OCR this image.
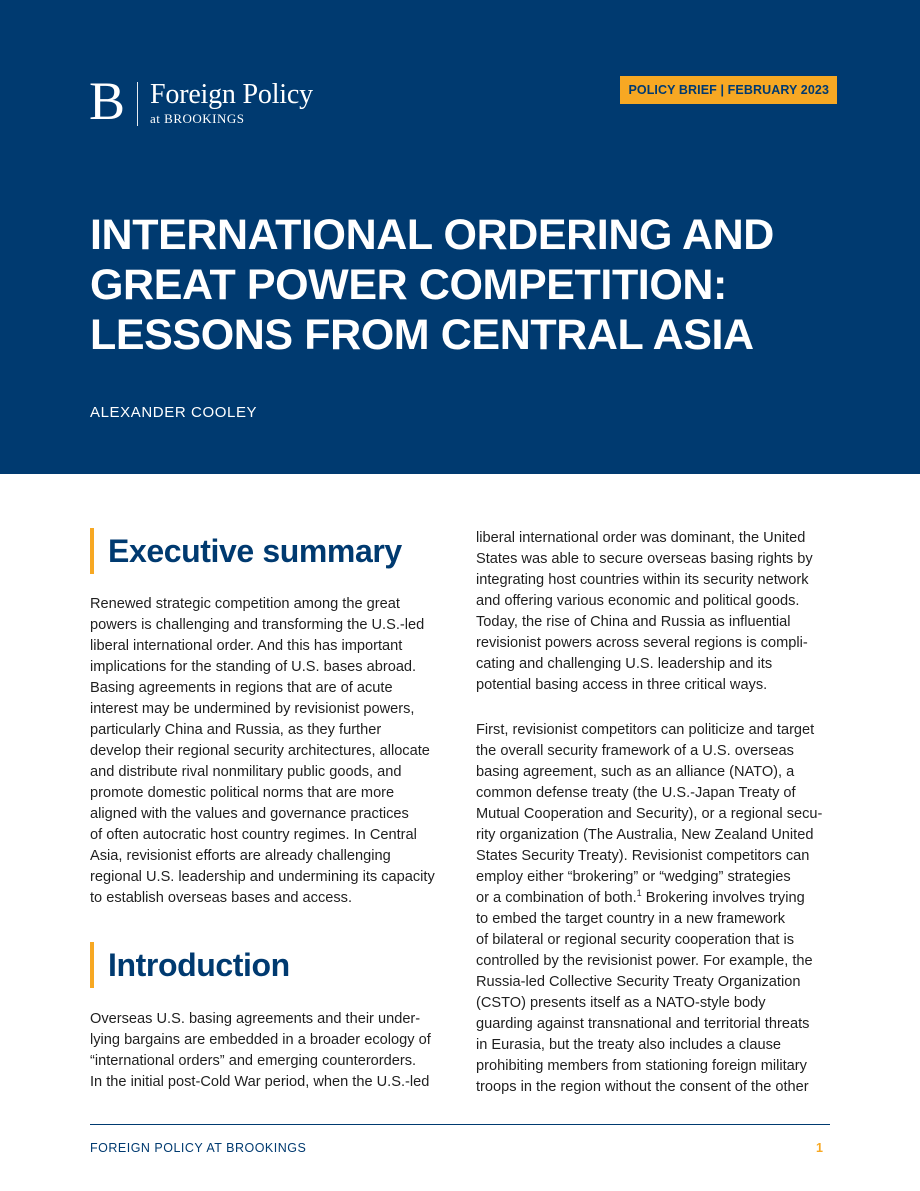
B Foreign Policy
at BROOKINGS
POLICY BRIEF | FEBRUARY 2023
INTERNATIONAL ORDERING AND
GREAT POWER COMPETITION:
LESSONS FROM CENTRAL ASIA
ALEXANDER COOLEY
Executive summary

Renewed strategic competition among the great
powers is challenging and transforming the U.S.-led
liberal international order. And this has important
implications for the standing of U.S. bases abroad.
Basing agreements in regions that are of acute
interest may be undermined by revisionist powers,
particularly China and Russia, as they further
develop their regional security architectures, allocate
and distribute rival nonmilitary public goods, and
promote domestic political norms that are more
aligned with the values and governance practices
of often autocratic host country regimes. In Central
Asia, revisionist efforts are already challenging
regional U.S. leadership and undermining its capacity
to establish overseas bases and access.

Introduction

Overseas U.S. basing agreements and their under-
lying bargains are embedded in a broader ecology of
“international orders” and emerging counterorders.
In the initial post-Cold War period, when the U.S.-led

liberal international order was dominant, the United
States was able to secure overseas basing rights by
integrating host countries within its security network
and offering various economic and political goods.
Today, the rise of China and Russia as influential
revisionist powers across several regions is compli-
cating and challenging U.S. leadership and its
potential basing access in three critical ways.

First, revisionist competitors can politicize and target
the overall security framework of a U.S. overseas
basing agreement, such as an alliance (NATO), a
common defense treaty (the U.S.-Japan Treaty of
Mutual Cooperation and Security), or a regional secu-
rity organization (The Australia, New Zealand United
States Security Treaty). Revisionist competitors can
employ either “brokering” or “wedging” strategies
or a combination of both.$^1$ Brokering involves trying
to embed the target country in a new framework
of bilateral or regional security cooperation that is
controlled by the revisionist power. For example, the
Russia-led Collective Security Treaty Organization
(CSTO) presents itself as a NATO-style body
guarding against transnational and territorial threats
in Eurasia, but the treaty also includes a clause
prohibiting members from stationing foreign military
troops in the region without the consent of the other

FOREIGN POLICY AT BROOKINGS	1
